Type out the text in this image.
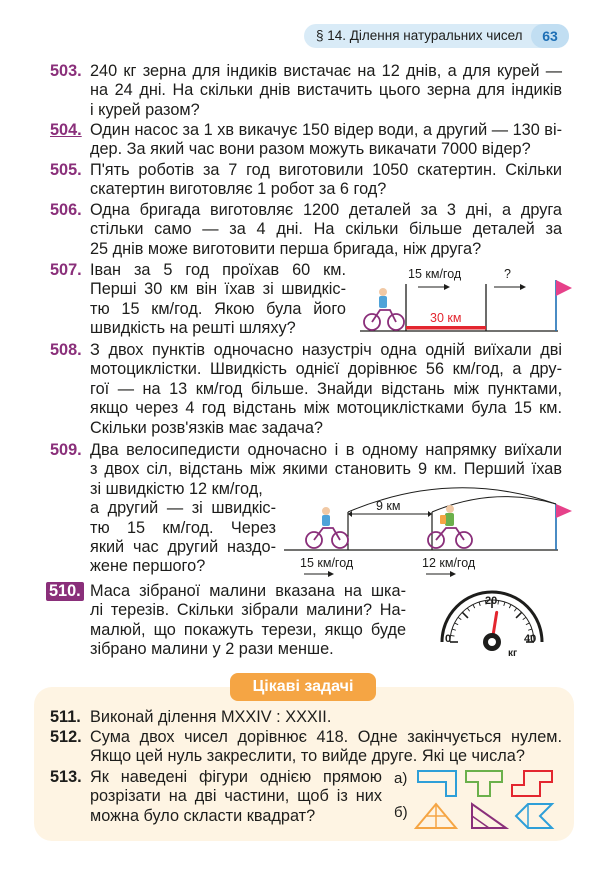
§ 14. Ділення натуральних чисел	63
503. 240 кг зерна для індиків вистачає на 12 днів, а для курей —
на 24 дні. На скільки днів вистачить цього зерна для індиків
і курей разом?
504. Один насос за 1 хв викачує 150 відер води, а другий — 130 ві-
дер. За який час вони разом можуть викачати 7000 відер?
505. П'ять роботів за 7 год виготовили 1050 скатертин. Скільки
скатертин виготовляє 1 робот за 6 год?
506. Одна бригада виготовляє 1200 деталей за 3 дні, а друга
стільки само — за 4 дні. На скільки більше деталей за
25 днів може виготовити перша бригада, ніж друга?
507. Іван за 5 год проїхав 60 км.
Перші 30 км він їхав зі швидкіс-
тю 15 км/год. Якою була його
швидкість на решті шляху?
30 км
15 км/год	?
508. З двох пунктів одночасно назустріч одна одній виїхали дві
мотоциклістки. Швидкість однієї дорівнює 56 км/год, а дру-
гої — на 13 км/год більше. Знайди відстань між пунктами,
якщо через 4 год відстань між мотоциклістками була 15 км.
Скільки розв'язків має задача?
509. Два велосипедисти одночасно і в одному напрямку виїхали
з двох сіл, відстань між якими становить 9 км. Перший їхав
зі швидкістю 12 км/год,
а другий — зі швидкіс-
тю 15 км/год. Через
який час другий наздо-
жене першого?
9 км
15 км/год	12 км/год
510. Маса зібраної малини вказана на шка-
лі терезів. Скільки зібрали малини? На-
малюй, що покажуть терези, якщо буде
зібрано малини у 2 рази менше.
0
20
40
кг
Цікаві задачі
511. Виконай ділення MXXIV : XXXII.
512. Сума двох чисел дорівнює 418. Одне закінчується нулем.
Якщо цей нуль закреслити, то вийде друге. Які це числа?
513. Як наведені фігури однією прямою
розрізати на дві частини, щоб із них
можна було скласти квадрат?
а)
б)
